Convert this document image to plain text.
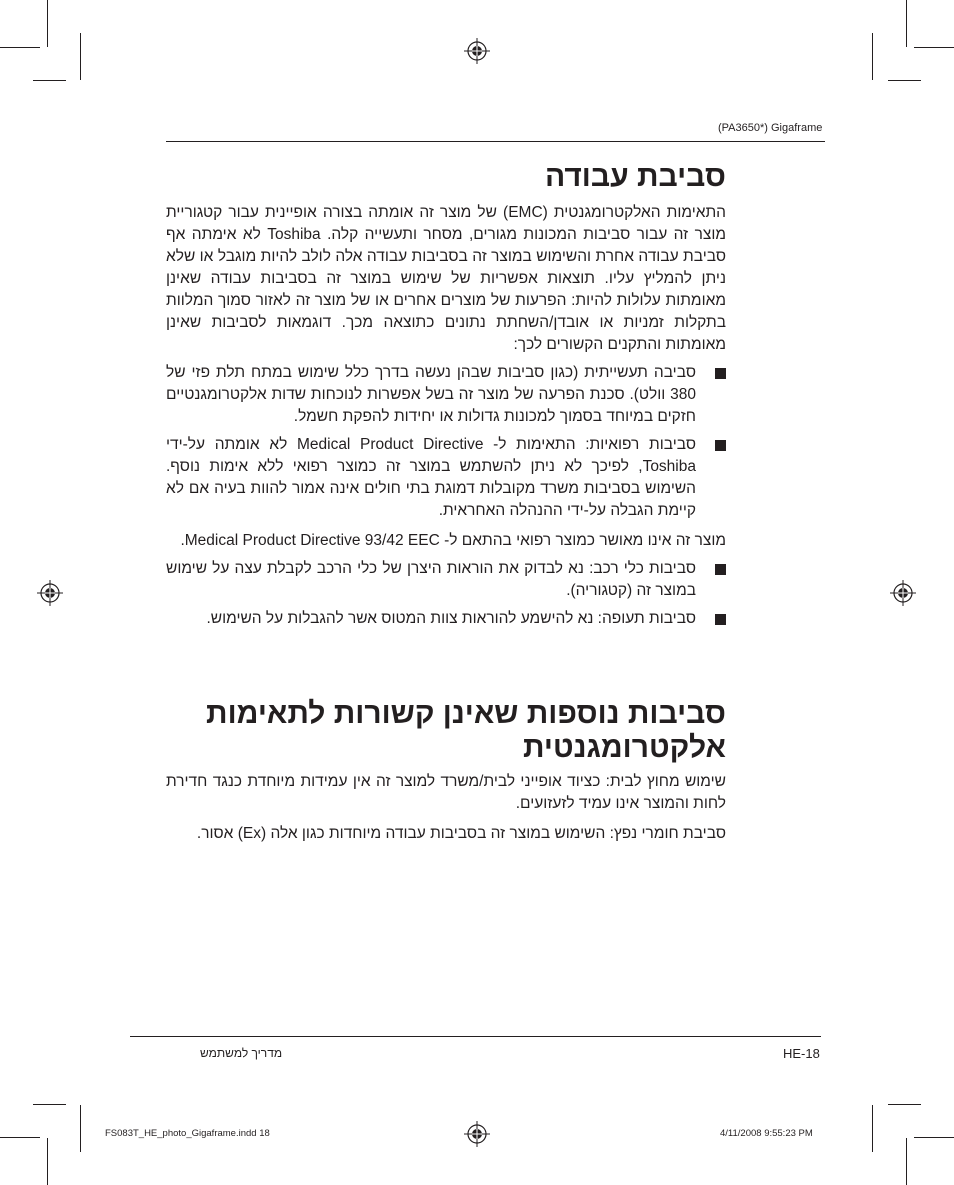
(PA3650*) Gigaframe
סביבת עבודה

התאימות האלקטרומגנטית (EMC) של מוצר זה אומתה בצורה אופיינית עבור קטגוריית מוצר זה עבור סביבות המכונות מגורים, מסחר ותעשייה קלה. Toshiba לא אימתה אף סביבת עבודה אחרת והשימוש במוצר זה בסביבות עבודה אלה לולב להיות מוגבל או שלא ניתן להמליץ עליו. תוצאות אפשריות של שימוש במוצר זה בסביבות עבודה שאינן מאומתות עלולות להיות: הפרעות של מוצרים אחרים או של מוצר זה לאזור סמוך המלוות בתקלות זמניות או אובדן/השחתת נתונים כתוצאה מכך. דוגמאות לסביבות שאינן מאומתות והתקנים הקשורים לכך:

סביבה תעשייתית (כגון סביבות שבהן נעשה בדרך כלל שימוש במתח תלת פזי של 380 וולט). סכנת הפרעה של מוצר זה בשל אפשרות לנוכחות שדות אלקטרומגנטיים חזקים במיוחד בסמוך למכונות גדולות או יחידות להפקת חשמל.

סביבות רפואיות: התאימות ל- Medical Product Directive לא אומתה על-ידי Toshiba, לפיכך לא ניתן להשתמש במוצר זה כמוצר רפואי ללא אימות נוסף. השימוש בסביבות משרד מקובלות דמוגת בתי חולים אינה אמור להוות בעיה אם לא קיימת הגבלה על-ידי ההנהלה האחראית.

מוצר זה אינו מאושר כמוצר רפואי בהתאם ל- Medical Product Directive 93/42 EEC.

סביבות כלי רכב: נא לבדוק את הוראות היצרן של כלי הרכב לקבלת עצה על שימוש במוצר זה (קטגוריה).

סביבות תעופה: נא להישמע להוראות צוות המטוס אשר להגבלות על השימוש.

סביבות נוספות שאינן קשורות לתאימות אלקטרומגנטית

שימוש מחוץ לבית: כציוד אופייני לבית/משרד למוצר זה אין עמידות מיוחדת כנגד חדירת לחות והמוצר אינו עמיד לזעזועים.

סביבת חומרי נפץ: השימוש במוצר זה בסביבות עבודה מיוחדות כגון אלה (Ex) אסור.

מדריך למשתמש	HE-18
FS083T_HE_photo_Gigaframe.indd 18	4/11/2008 9:55:23 PM
